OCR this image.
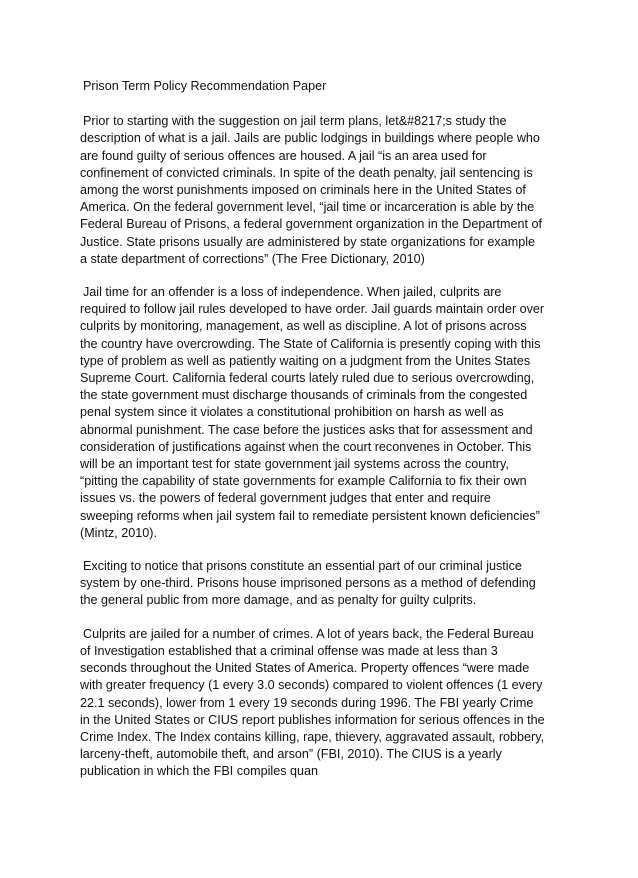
Prison Term Policy Recommendation Paper

Prior to starting with the suggestion on jail term plans, let&#8217;s study the description of what is a jail. Jails are public lodgings in buildings where people who are found guilty of serious offences are housed. A jail “is an area used for confinement of convicted criminals. In spite of the death penalty, jail sentencing is among the worst punishments imposed on criminals here in the United States of America. On the federal government level, “jail time or incarceration is able by the Federal Bureau of Prisons, a federal government organization in the Department of Justice. State prisons usually are administered by state organizations for example a state department of corrections” (The Free Dictionary, 2010)

Jail time for an offender is a loss of independence. When jailed, culprits are required to follow jail rules developed to have order. Jail guards maintain order over culprits by monitoring, management, as well as discipline. A lot of prisons across the country have overcrowding. The State of California is presently coping with this type of problem as well as patiently waiting on a judgment from the Unites States Supreme Court. California federal courts lately ruled due to serious overcrowding, the state government must discharge thousands of criminals from the congested penal system since it violates a constitutional prohibition on harsh as well as abnormal punishment. The case before the justices asks that for assessment and consideration of justifications against when the court reconvenes in October. This will be an important test for state government jail systems across the country, “pitting the capability of state governments for example California to fix their own issues vs. the powers of federal government judges that enter and require sweeping reforms when jail system fail to remediate persistent known deficiencies” (Mintz, 2010).

Exciting to notice that prisons constitute an essential part of our criminal justice system by one-third. Prisons house imprisoned persons as a method of defending the general public from more damage, and as penalty for guilty culprits.

Culprits are jailed for a number of crimes. A lot of years back, the Federal Bureau of Investigation established that a criminal offense was made at less than 3 seconds throughout the United States of America. Property offences “were made with greater frequency (1 every 3.0 seconds) compared to violent offences (1 every 22.1 seconds), lower from 1 every 19 seconds during 1996. The FBI yearly Crime in the United States or CIUS report publishes information for serious offences in the Crime Index. The Index contains killing, rape, thievery, aggravated assault, robbery, larceny-theft, automobile theft, and arson” (FBI, 2010). The CIUS is a yearly publication in which the FBI compiles quan
